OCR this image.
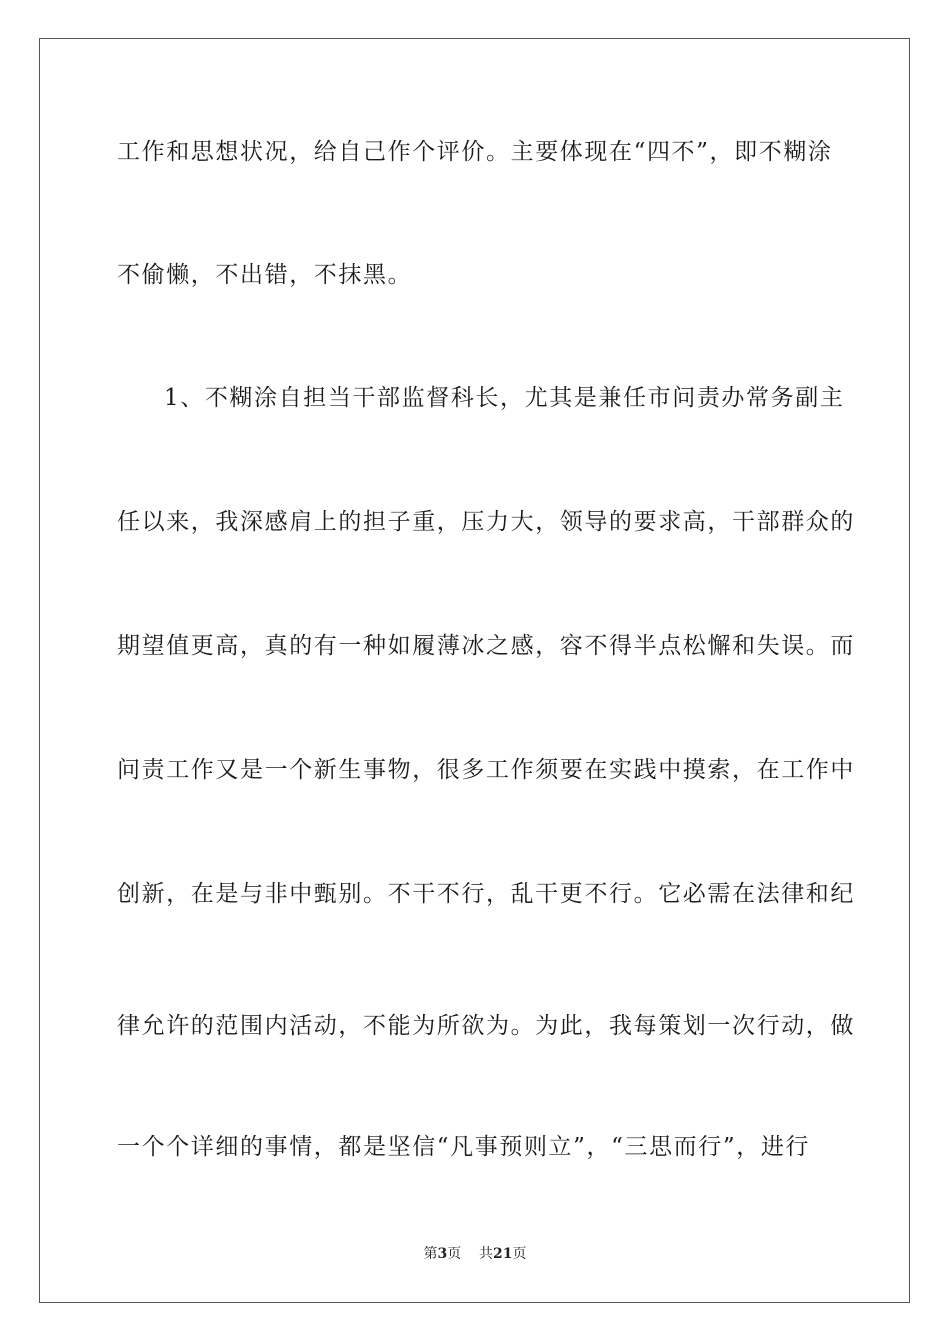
工作和思想状况，给自己作个评价。主要体现在“四不”，即不糊涂
不偷懒，不出错，不抹黑。
1、不糊涂自担当干部监督科长，尤其是兼任市问责办常务副主
任以来，我深感肩上的担子重，压力大，领导的要求高，干部群众的
期望值更高，真的有一种如履薄冰之感，容不得半点松懈和失误。而
问责工作又是一个新生事物，很多工作须要在实践中摸索，在工作中
创新，在是与非中甄别。不干不行，乱干更不行。它必需在法律和纪
律允许的范围内活动，不能为所欲为。为此，我每策划一次行动，做
一个个详细的事情，都是坚信“凡事预则立”，“三思而行”，进行
第3页    共21页
